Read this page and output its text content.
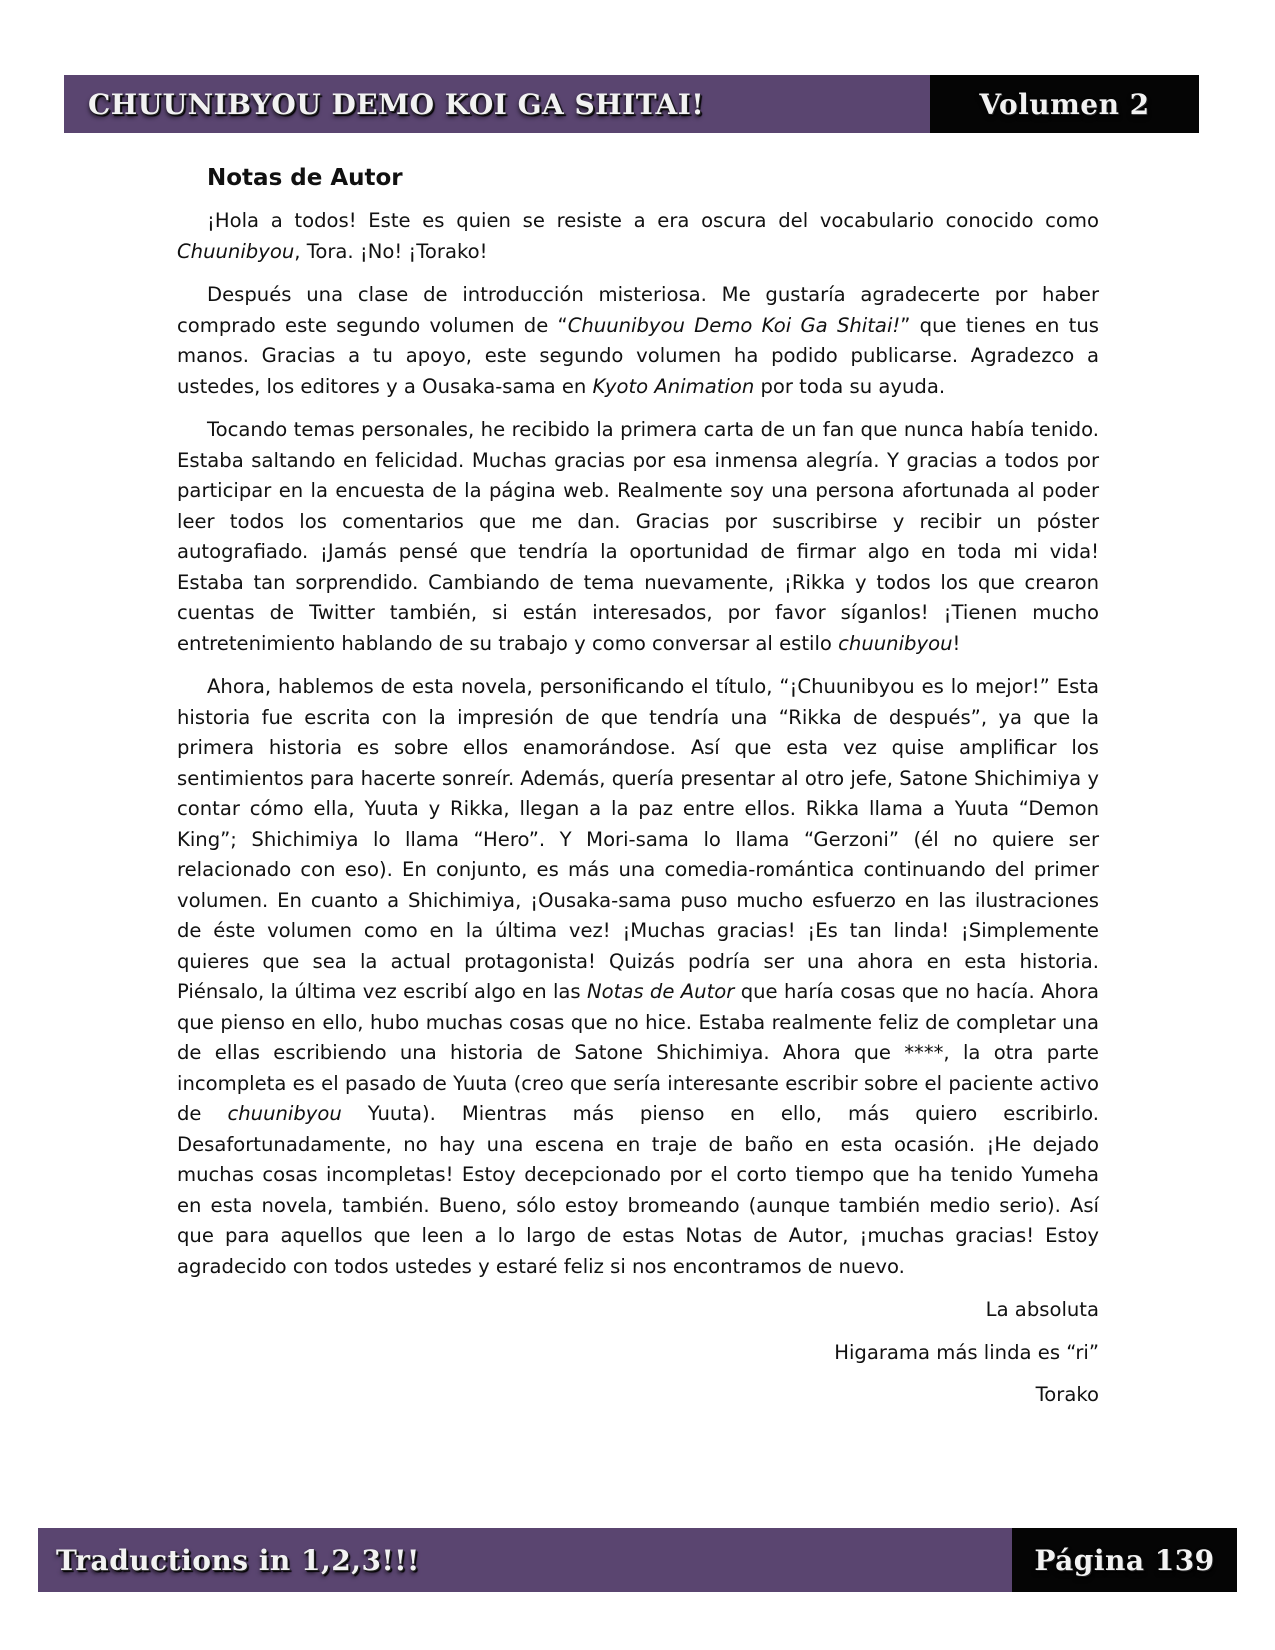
CHUUNIBYOU DEMO KOI GA SHITAI!	Volumen 2
Notas de Autor

¡Hola a todos! Este es quien se resiste a era oscura del vocabulario conocido como Chuunibyou, Tora. ¡No! ¡Torako!

Después una clase de introducción misteriosa. Me gustaría agradecerte por haber comprado este segundo volumen de “Chuunibyou Demo Koi Ga Shitai!” que tienes en tus manos. Gracias a tu apoyo, este segundo volumen ha podido publicarse. Agradezco a ustedes, los editores y a Ousaka-sama en Kyoto Animation por toda su ayuda.

Tocando temas personales, he recibido la primera carta de un fan que nunca había tenido. Estaba saltando en felicidad. Muchas gracias por esa inmensa alegría. Y gracias a todos por participar en la encuesta de la página web. Realmente soy una persona afortunada al poder leer todos los comentarios que me dan. Gracias por suscribirse y recibir un póster autografiado. ¡Jamás pensé que tendría la oportunidad de firmar algo en toda mi vida! Estaba tan sorprendido. Cambiando de tema nuevamente, ¡Rikka y todos los que crearon cuentas de Twitter también, si están interesados, por favor síganlos! ¡Tienen mucho entretenimiento hablando de su trabajo y como conversar al estilo chuunibyou!

Ahora, hablemos de esta novela, personificando el título, “¡Chuunibyou es lo mejor!” Esta historia fue escrita con la impresión de que tendría una “Rikka de después”, ya que la primera historia es sobre ellos enamorándose. Así que esta vez quise amplificar los sentimientos para hacerte sonreír. Además, quería presentar al otro jefe, Satone Shichimiya y contar cómo ella, Yuuta y Rikka, llegan a la paz entre ellos. Rikka llama a Yuuta “Demon King”; Shichimiya lo llama “Hero”. Y Mori-sama lo llama “Gerzoni” (él no quiere ser relacionado con eso). En conjunto, es más una comedia-romántica continuando del primer volumen. En cuanto a Shichimiya, ¡Ousaka-sama puso mucho esfuerzo en las ilustraciones de éste volumen como en la última vez! ¡Muchas gracias! ¡Es tan linda! ¡Simplemente quieres que sea la actual protagonista! Quizás podría ser una ahora en esta historia. Piénsalo, la última vez escribí algo en las Notas de Autor que haría cosas que no hacía. Ahora que pienso en ello, hubo muchas cosas que no hice. Estaba realmente feliz de completar una de ellas escribiendo una historia de Satone Shichimiya. Ahora que ****, la otra parte incompleta es el pasado de Yuuta (creo que sería interesante escribir sobre el paciente activo de chuunibyou Yuuta). Mientras más pienso en ello, más quiero escribirlo. Desafortunadamente, no hay una escena en traje de baño en esta ocasión. ¡He dejado muchas cosas incompletas! Estoy decepcionado por el corto tiempo que ha tenido Yumeha en esta novela, también. Bueno, sólo estoy bromeando (aunque también medio serio). Así que para aquellos que leen a lo largo de estas Notas de Autor, ¡muchas gracias! Estoy agradecido con todos ustedes y estaré feliz si nos encontramos de nuevo.

La absoluta

Higarama más linda es “ri”

Torako

Traductions in 1,2,3!!!	Página 139
